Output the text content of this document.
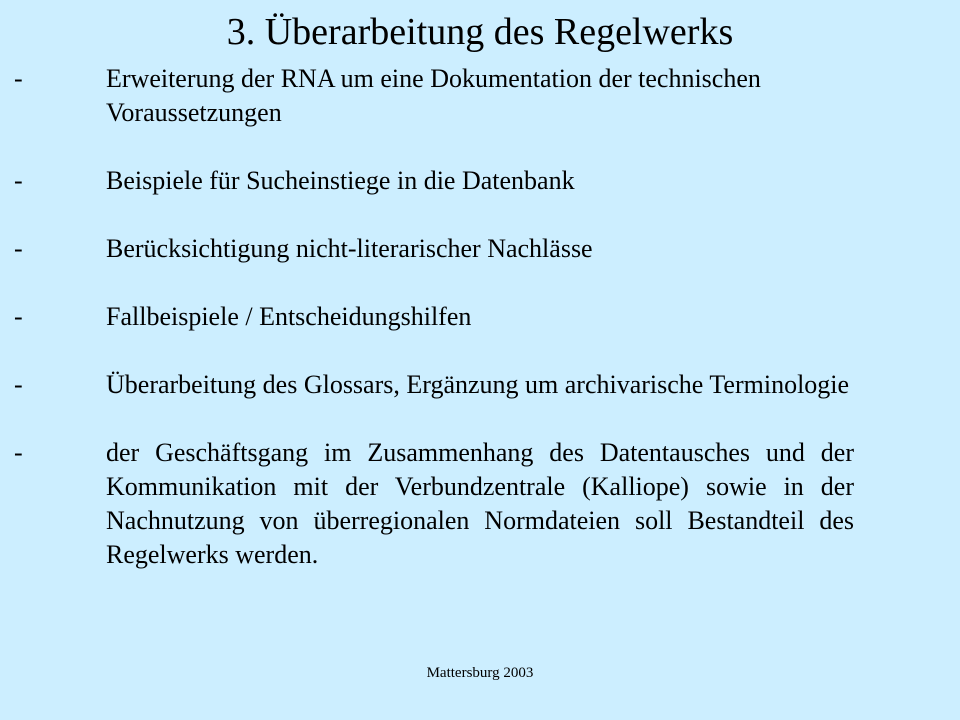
3. Überarbeitung des Regelwerks
-	Erweiterung der RNA um eine Dokumentation der technischen Voraussetzungen
-	Beispiele für Sucheinstiege in die Datenbank
-	Berücksichtigung nicht-literarischer Nachlässe
-	Fallbeispiele / Entscheidungshilfen
-	Überarbeitung des Glossars, Ergänzung um archivarische Terminologie
-	der Geschäftsgang im Zusammenhang des Datentausches und der Kommunikation mit der Verbundzentrale (Kalliope) sowie in der Nachnutzung von überregionalen Normdateien soll Bestandteil des Regelwerks werden.
Mattersburg 2003
